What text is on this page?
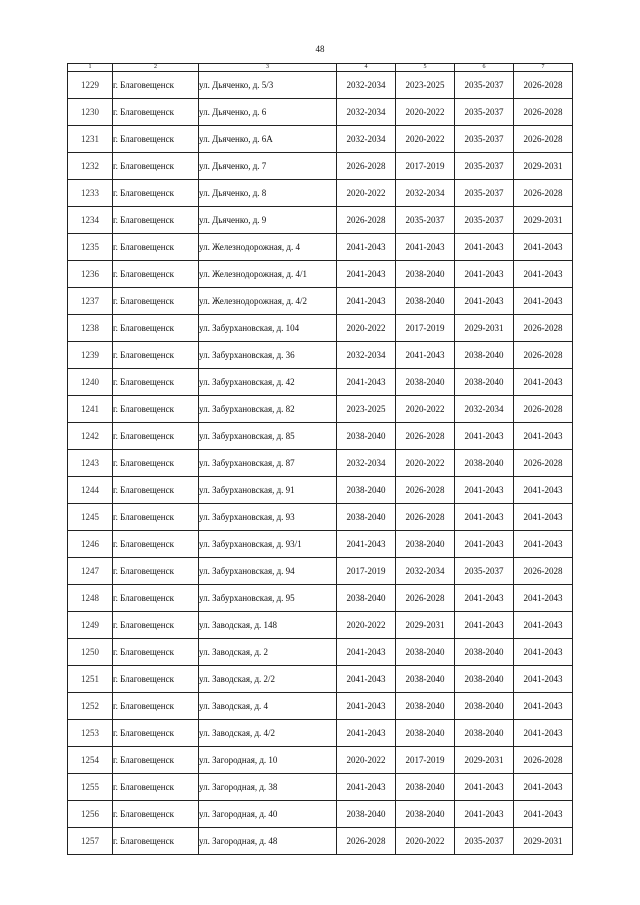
48
1	2	3	4	5	6	7
1229	г. Благовещенск	ул. Дьяченко, д. 5/3	2032-2034	2023-2025	2035-2037	2026-2028
1230	г. Благовещенск	ул. Дьяченко, д. 6	2032-2034	2020-2022	2035-2037	2026-2028
1231	г. Благовещенск	ул. Дьяченко, д. 6А	2032-2034	2020-2022	2035-2037	2026-2028
1232	г. Благовещенск	ул. Дьяченко, д. 7	2026-2028	2017-2019	2035-2037	2029-2031
1233	г. Благовещенск	ул. Дьяченко, д. 8	2020-2022	2032-2034	2035-2037	2026-2028
1234	г. Благовещенск	ул. Дьяченко, д. 9	2026-2028	2035-2037	2035-2037	2029-2031
1235	г. Благовещенск	ул. Железнодорожная, д. 4	2041-2043	2041-2043	2041-2043	2041-2043
1236	г. Благовещенск	ул. Железнодорожная, д. 4/1	2041-2043	2038-2040	2041-2043	2041-2043
1237	г. Благовещенск	ул. Железнодорожная, д. 4/2	2041-2043	2038-2040	2041-2043	2041-2043
1238	г. Благовещенск	ул. Забурхановская, д. 104	2020-2022	2017-2019	2029-2031	2026-2028
1239	г. Благовещенск	ул. Забурхановская, д. 36	2032-2034	2041-2043	2038-2040	2026-2028
1240	г. Благовещенск	ул. Забурхановская, д. 42	2041-2043	2038-2040	2038-2040	2041-2043
1241	г. Благовещенск	ул. Забурхановская, д. 82	2023-2025	2020-2022	2032-2034	2026-2028
1242	г. Благовещенск	ул. Забурхановская, д. 85	2038-2040	2026-2028	2041-2043	2041-2043
1243	г. Благовещенск	ул. Забурхановская, д. 87	2032-2034	2020-2022	2038-2040	2026-2028
1244	г. Благовещенск	ул. Забурхановская, д. 91	2038-2040	2026-2028	2041-2043	2041-2043
1245	г. Благовещенск	ул. Забурхановская, д. 93	2038-2040	2026-2028	2041-2043	2041-2043
1246	г. Благовещенск	ул. Забурхановская, д. 93/1	2041-2043	2038-2040	2041-2043	2041-2043
1247	г. Благовещенск	ул. Забурхановская, д. 94	2017-2019	2032-2034	2035-2037	2026-2028
1248	г. Благовещенск	ул. Забурхановская, д. 95	2038-2040	2026-2028	2041-2043	2041-2043
1249	г. Благовещенск	ул. Заводская, д. 148	2020-2022	2029-2031	2041-2043	2041-2043
1250	г. Благовещенск	ул. Заводская, д. 2	2041-2043	2038-2040	2038-2040	2041-2043
1251	г. Благовещенск	ул. Заводская, д. 2/2	2041-2043	2038-2040	2038-2040	2041-2043
1252	г. Благовещенск	ул. Заводская, д. 4	2041-2043	2038-2040	2038-2040	2041-2043
1253	г. Благовещенск	ул. Заводская, д. 4/2	2041-2043	2038-2040	2038-2040	2041-2043
1254	г. Благовещенск	ул. Загородная, д. 10	2020-2022	2017-2019	2029-2031	2026-2028
1255	г. Благовещенск	ул. Загородная, д. 38	2041-2043	2038-2040	2041-2043	2041-2043
1256	г. Благовещенск	ул. Загородная, д. 40	2038-2040	2038-2040	2041-2043	2041-2043
1257	г. Благовещенск	ул. Загородная, д. 48	2026-2028	2020-2022	2035-2037	2029-2031
